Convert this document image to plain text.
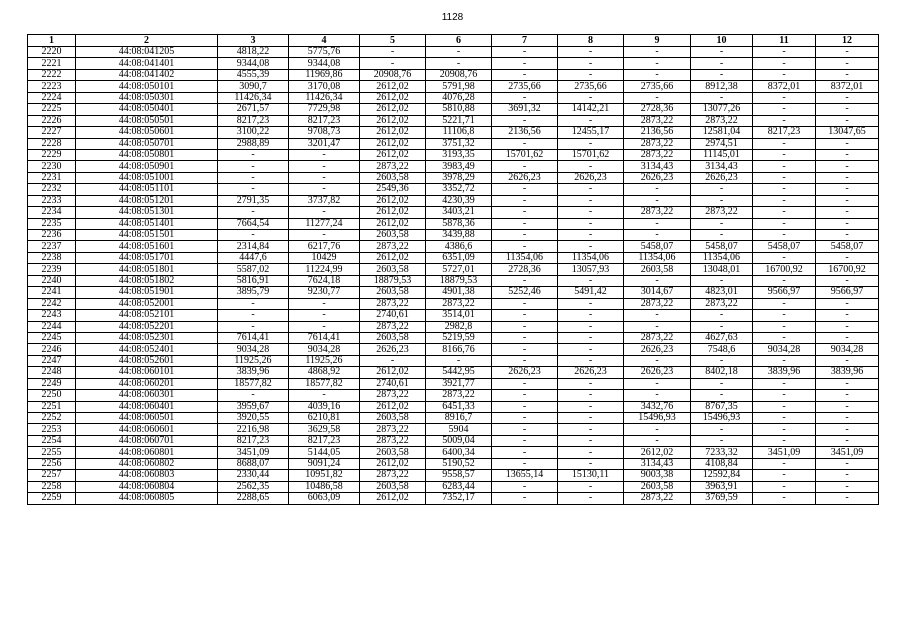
1128
1	2	3	4	5	6	7	8	9	10	11	12
2220	44:08:041205	4818,22	5775,76	-	-	-	-	-	-	-	-
2221	44:08:041401	9344,08	9344,08	-	-	-	-	-	-	-	-
2222	44:08:041402	4555,39	11969,86	20908,76	20908,76	-	-	-	-	-	-
2223	44:08:050101	3090,7	3170,08	2612,02	5791,98	2735,66	2735,66	2735,66	8912,38	8372,01	8372,01
2224	44:08:050301	11426,34	11426,34	2612,02	4076,28	-	-	-	-	-	-
2225	44:08:050401	2671,57	7729,98	2612,02	5810,88	3691,32	14142,21	2728,36	13077,26	-	-
2226	44:08:050501	8217,23	8217,23	2612,02	5221,71	-	-	2873,22	2873,22	-	-
2227	44:08:050601	3100,22	9708,73	2612,02	11106,8	2136,56	12455,17	2136,56	12581,04	8217,23	13047,65
2228	44:08:050701	2988,89	3201,47	2612,02	3751,32	-	-	2873,22	2974,51	-	-
2229	44:08:050801	-	-	2612,02	3193,35	15701,62	15701,62	2873,22	11145,01	-	-
2230	44:08:050901	-	-	2873,22	3983,49	-	-	3134,43	3134,43	-	-
2231	44:08:051001	-	-	2603,58	3978,29	2626,23	2626,23	2626,23	2626,23	-	-
2232	44:08:051101	-	-	2549,36	3352,72	-	-	-	-	-	-
2233	44:08:051201	2791,35	3737,82	2612,02	4230,39	-	-	-	-	-	-
2234	44:08:051301	-	-	2612,02	3403,21	-	-	2873,22	2873,22	-	-
2235	44:08:051401	7664,54	11277,24	2612,02	5878,36	-	-	-	-	-	-
2236	44:08:051501	-	-	2603,58	3439,88	-	-	-	-	-	-
2237	44:08:051601	2314,84	6217,76	2873,22	4386,6	-	-	5458,07	5458,07	5458,07	5458,07
2238	44:08:051701	4447,6	10429	2612,02	6351,09	11354,06	11354,06	11354,06	11354,06	-	-
2239	44:08:051801	5587,02	11224,99	2603,58	5727,01	2728,36	13057,93	2603,58	13048,01	16700,92	16700,92
2240	44:08:051802	5816,91	7624,18	18879,53	18879,53	-	-	-	-	-	-
2241	44:08:051901	3895,79	9230,77	2603,58	4901,38	5252,46	5491,42	3014,67	4823,01	9566,97	9566,97
2242	44:08:052001	-	-	2873,22	2873,22	-	-	2873,22	2873,22	-	-
2243	44:08:052101	-	-	2740,61	3514,01	-	-	-	-	-	-
2244	44:08:052201	-	-	2873,22	2982,8	-	-	-	-	-	-
2245	44:08:052301	7614,41	7614,41	2603,58	5219,59	-	-	2873,22	4627,63	-	-
2246	44:08:052401	9034,28	9034,28	2626,23	8166,76	-	-	2626,23	7548,6	9034,28	9034,28
2247	44:08:052601	11925,26	11925,26	-	-	-	-	-	-	-	-
2248	44:08:060101	3839,96	4868,92	2612,02	5442,95	2626,23	2626,23	2626,23	8402,18	3839,96	3839,96
2249	44:08:060201	18577,82	18577,82	2740,61	3921,77	-	-	-	-	-	-
2250	44:08:060301	-	-	2873,22	2873,22	-	-	-	-	-	-
2251	44:08:060401	3959,67	4039,16	2612,02	6451,33	-	-	3432,76	8767,35	-	-
2252	44:08:060501	3920,55	6210,81	2603,58	8916,7	-	-	15496,93	15496,93	-	-
2253	44:08:060601	2216,98	3629,58	2873,22	5904	-	-	-	-	-	-
2254	44:08:060701	8217,23	8217,23	2873,22	5009,04	-	-	-	-	-	-
2255	44:08:060801	3451,09	5144,05	2603,58	6400,34	-	-	2612,02	7233,32	3451,09	3451,09
2256	44:08:060802	8688,07	9091,24	2612,02	5190,52	-	-	3134,43	4108,84	-	-
2257	44:08:060803	2330,44	10951,82	2873,22	9558,57	13655,14	15130,11	9003,38	12592,84	-	-
2258	44:08:060804	2562,35	10486,58	2603,58	6283,44	-	-	2603,58	3963,91	-	-
2259	44:08:060805	2288,65	6063,09	2612,02	7352,17	-	-	2873,22	3769,59	-	-
